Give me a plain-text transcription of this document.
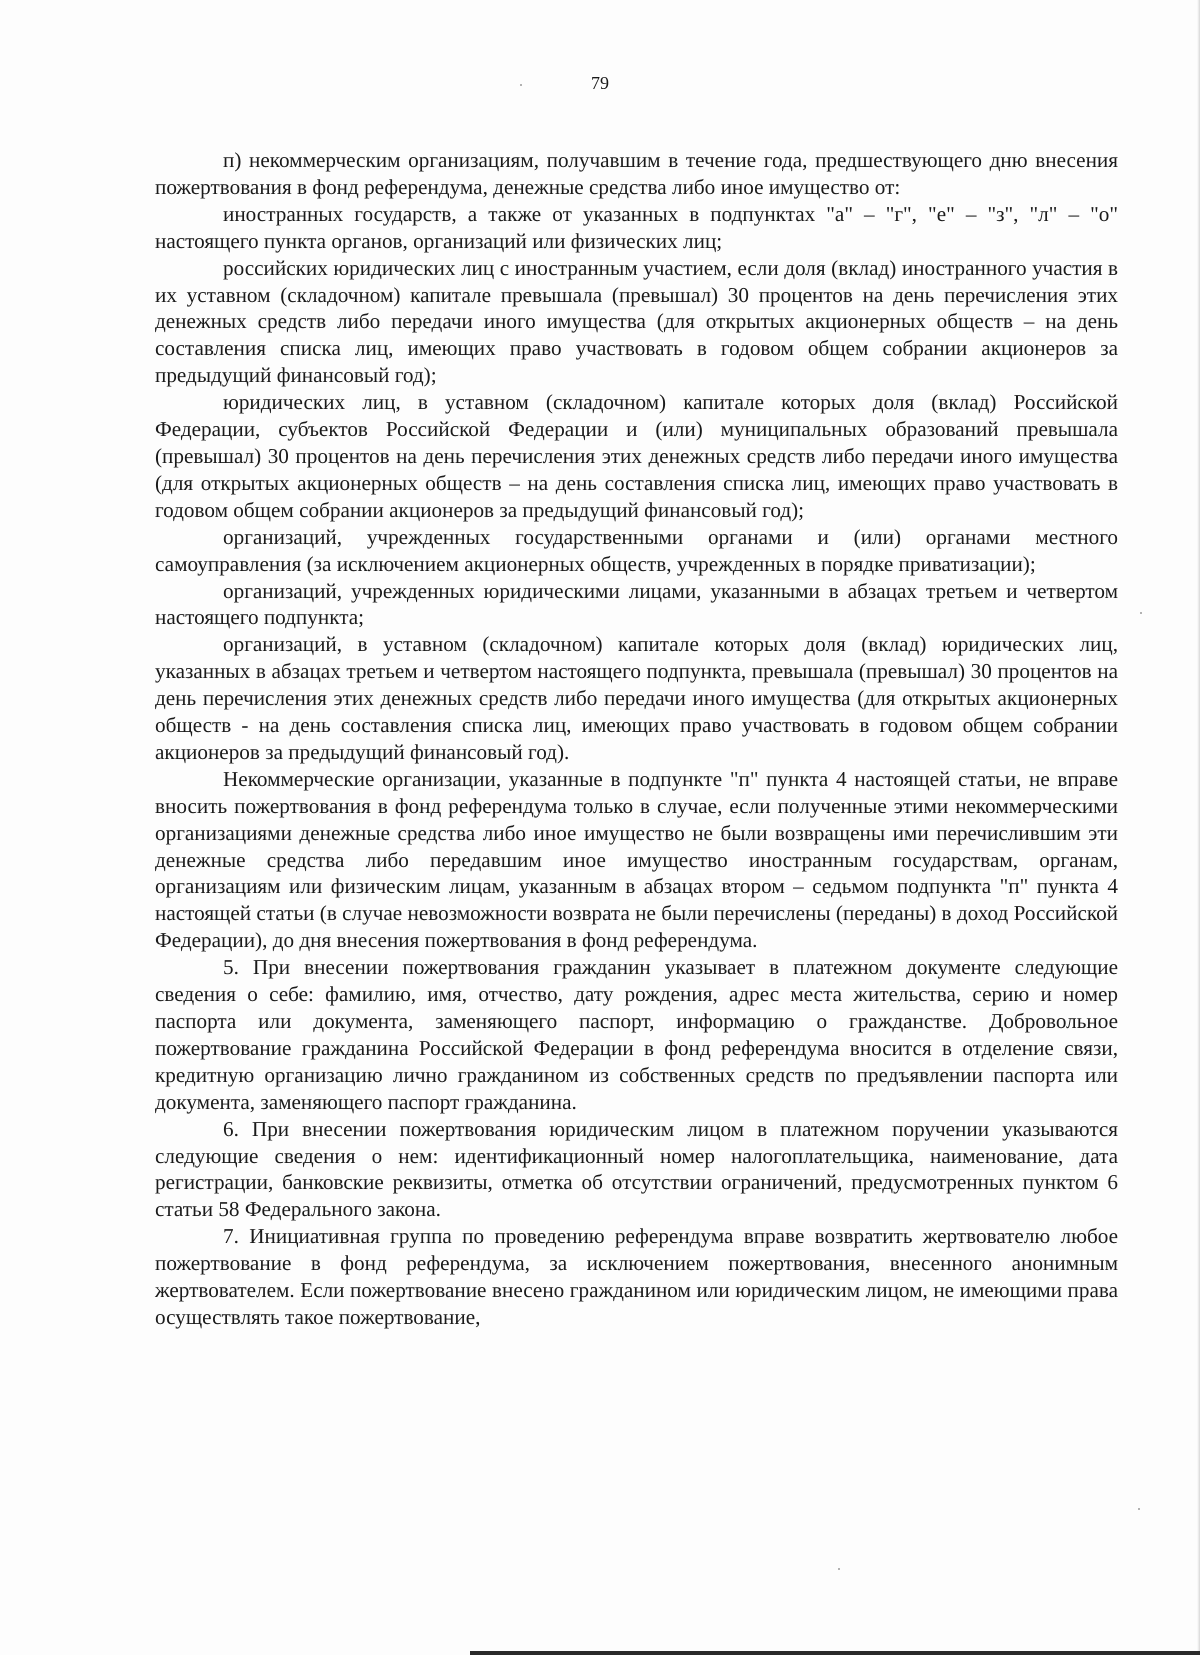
79

п) некоммерческим организациям, получавшим в течение года, предшествующего дню внесения пожертвования в фонд референдума, денежные средства либо иное имущество от:

иностранных государств, а также от указанных в подпунктах "а" – "г", "е" – "з", "л" – "о" настоящего пункта органов, организаций или физических лиц;

российских юридических лиц с иностранным участием, если доля (вклад) иностранного участия в их уставном (складочном) капитале превышала (превышал) 30 процентов на день перечисления этих денежных средств либо передачи иного имущества (для открытых акционерных обществ – на день составления списка лиц, имеющих право участвовать в годовом общем собрании акционеров за предыдущий финансовый год);

юридических лиц, в уставном (складочном) капитале которых доля (вклад) Российской Федерации, субъектов Российской Федерации и (или) муниципальных образований превышала (превышал) 30 процентов на день перечисления этих денежных средств либо передачи иного имущества (для открытых акционерных обществ – на день составления списка лиц, имеющих право участвовать в годовом общем собрании акционеров за предыдущий финансовый год);

организаций, учрежденных государственными органами и (или) органами местного самоуправления (за исключением акционерных обществ, учрежденных в порядке приватизации);

организаций, учрежденных юридическими лицами, указанными в абзацах третьем и четвертом настоящего подпункта;

организаций, в уставном (складочном) капитале которых доля (вклад) юридических лиц, указанных в абзацах третьем и четвертом настоящего подпункта, превышала (превышал) 30 процентов на день перечисления этих денежных средств либо передачи иного имущества (для открытых акционерных обществ - на день составления списка лиц, имеющих право участвовать в годовом общем собрании акционеров за предыдущий финансовый год).

Некоммерческие организации, указанные в подпункте "п" пункта 4 настоящей статьи, не вправе вносить пожертвования в фонд референдума только в случае, если полученные этими некоммерческими организациями денежные средства либо иное имущество не были возвращены ими перечислившим эти денежные средства либо передавшим иное имущество иностранным государствам, органам, организациям или физическим лицам, указанным в абзацах втором – седьмом подпункта "п" пункта 4 настоящей статьи (в случае невозможности возврата не были перечислены (переданы) в доход Российской Федерации), до дня внесения пожертвования в фонд референдума.

5. При внесении пожертвования гражданин указывает в платежном документе следующие сведения о себе: фамилию, имя, отчество, дату рождения, адрес места жительства, серию и номер паспорта или документа, заменяющего паспорт, информацию о гражданстве. Добровольное пожертвование гражданина Российской Федерации в фонд референдума вносится в отделение связи, кредитную организацию лично гражданином из собственных средств по предъявлении паспорта или документа, заменяющего паспорт гражданина.

6. При внесении пожертвования юридическим лицом в платежном поручении указываются следующие сведения о нем: идентификационный номер налогоплательщика, наименование, дата регистрации, банковские реквизиты, отметка об отсутствии ограничений, предусмотренных пунктом 6 статьи 58 Федерального закона.

7. Инициативная группа по проведению референдума вправе возвратить жертвователю любое пожертвование в фонд референдума, за исключением пожертвования, внесенного анонимным жертвователем. Если пожертвование внесено гражданином или юридическим лицом, не имеющими права осуществлять такое пожертвование,
